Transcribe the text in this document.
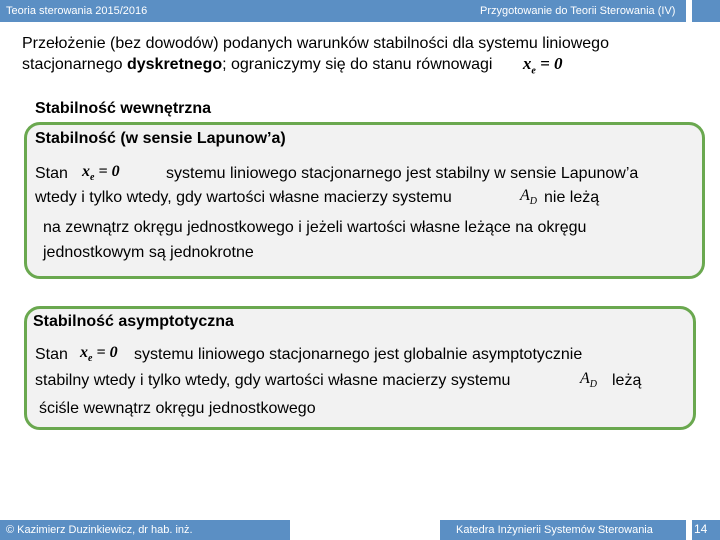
Teoria sterowania 2015/2016	Przygotowanie do Teorii Sterowania (IV)
Przełożenie (bez dowodów) podanych warunków stabilności dla systemu liniowego
stacjonarnego dyskretnego; ograniczymy się do stanu równowagi $x_e = 0$
Stabilność wewnętrzna
Stabilność (w sensie Lapunow’a)
Stan $x_e = 0$	systemu liniowego stacjonarnego jest stabilny w sensie Lapunow’a
wtedy i tylko wtedy, gdy wartości własne macierzy systemu	$A_D$ nie leżą
na zewnątrz okręgu jednostkowego i jeżeli wartości własne leżące na okręgu
jednostkowym są jednokrotne
Stabilność asymptotyczna
Stan $x_e = 0$ systemu liniowego stacjonarnego jest globalnie asymptotycznie
stabilny wtedy i tylko wtedy, gdy wartości własne macierzy systemu	$A_D$ leżą
ściśle wewnątrz okręgu jednostkowego
© Kazimierz Duzinkiewicz, dr hab. inż.	Katedra Inżynierii Systemów Sterowania	14
